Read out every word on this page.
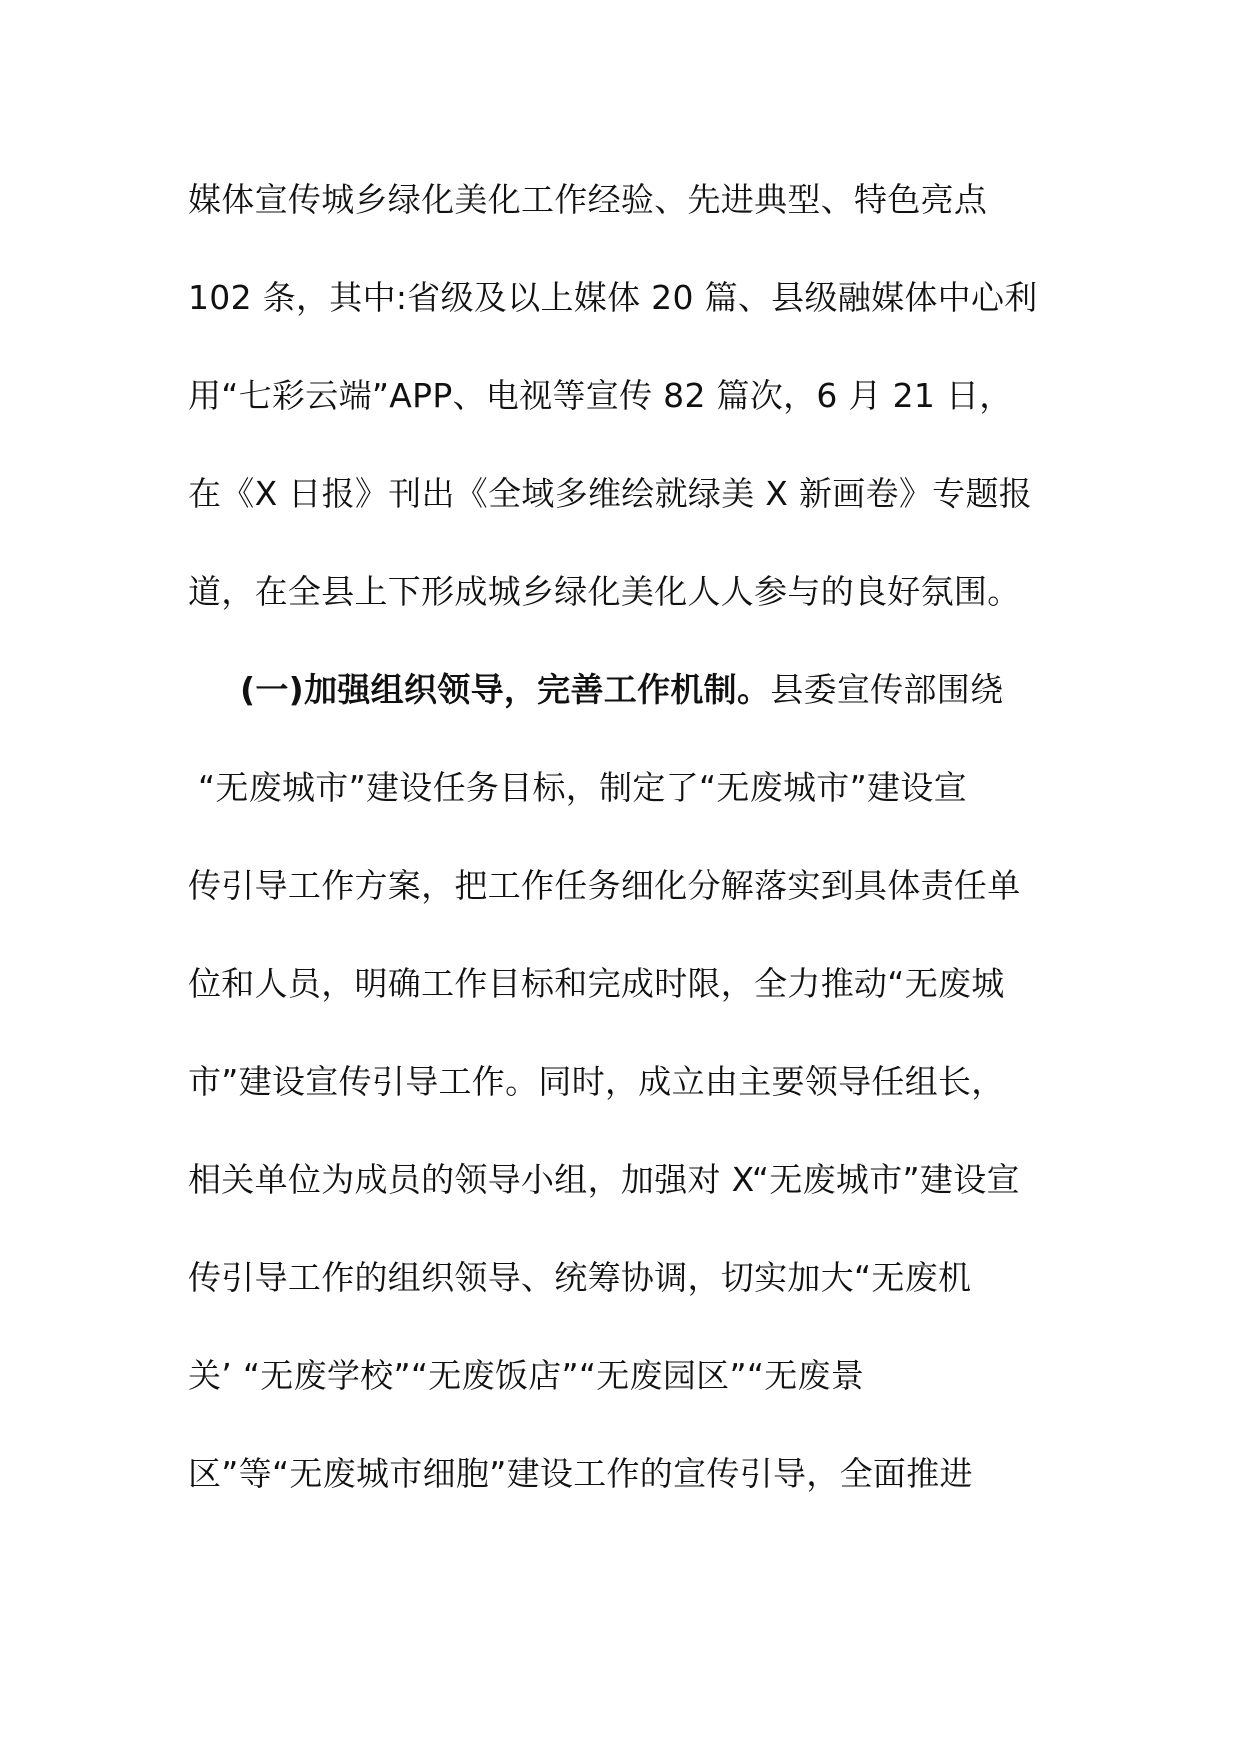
媒体宣传城乡绿化美化工作经验、先进典型、特色亮点
102 条，其中:省级及以上媒体 20 篇、县级融媒体中心利
用“七彩云端”APP、电视等宣传 82 篇次，6 月 21 日，
在《X 日报》刊出《全域多维绘就绿美 X 新画卷》专题报
道，在全县上下形成城乡绿化美化人人参与的良好氛围。
(一)加强组织领导，完善工作机制。县委宣传部围绕
“无废城市”建设任务目标，制定了“无废城市”建设宣
传引导工作方案，把工作任务细化分解落实到具体责任单
位和人员，明确工作目标和完成时限，全力推动“无废城
市”建设宣传引导工作。同时，成立由主要领导任组长，
相关单位为成员的领导小组，加强对 X“无废城市”建设宣
传引导工作的组织领导、统筹协调，切实加大“无废机
关’ “无废学校”“无废饭店”“无废园区”“无废景
区”等“无废城市细胞”建设工作的宣传引导，全面推进
